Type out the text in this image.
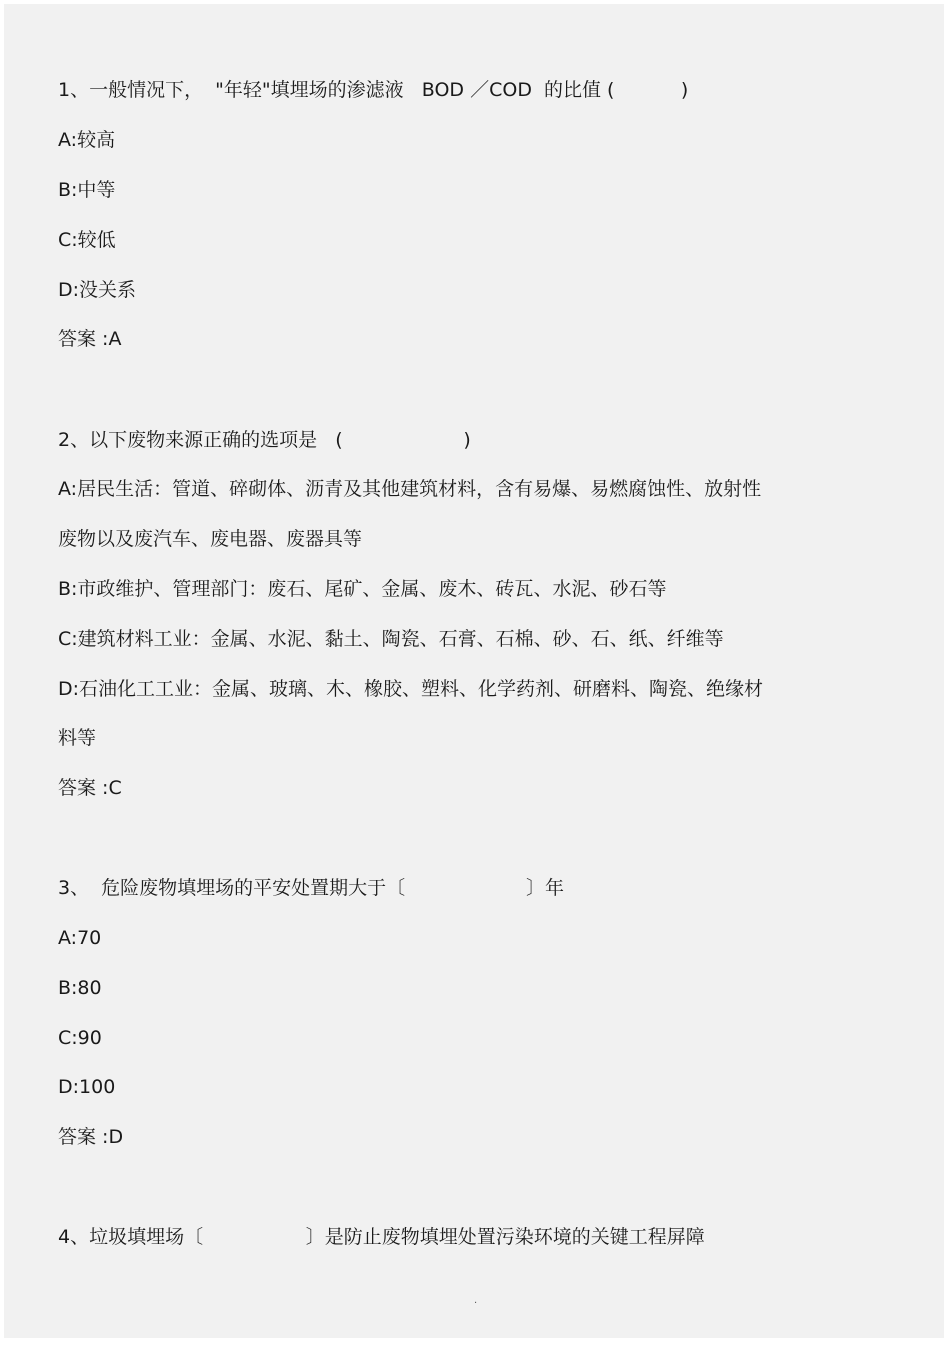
1、一般情况下，  "年轻"填埋场的渗滤液   BOD ／COD  的比值 (           )
A:较高
B:中等
C:较低
D:没关系
答案 :A
2、以下废物来源正确的选项是   (                    )
A:居民生活：管道、碎砌体、沥青及其他建筑材料，含有易爆、易燃腐蚀性、放射性
废物以及废汽车、废电器、废器具等
B:市政维护、管理部门：废石、尾矿、金属、废木、砖瓦、水泥、砂石等
C:建筑材料工业：金属、水泥、黏土、陶瓷、石膏、石棉、砂、石、纸、纤维等
D:石油化工工业：金属、玻璃、木、橡胶、塑料、化学药剂、研磨料、陶瓷、绝缘材
料等
答案 :C
3、  危险废物填埋场的平安处置期大于〔                    〕年
A:70
B:80
C:90
D:100
答案 :D
4、垃圾填埋场〔                 〕是防止废物填埋处置污染环境的关键工程屏障
.
